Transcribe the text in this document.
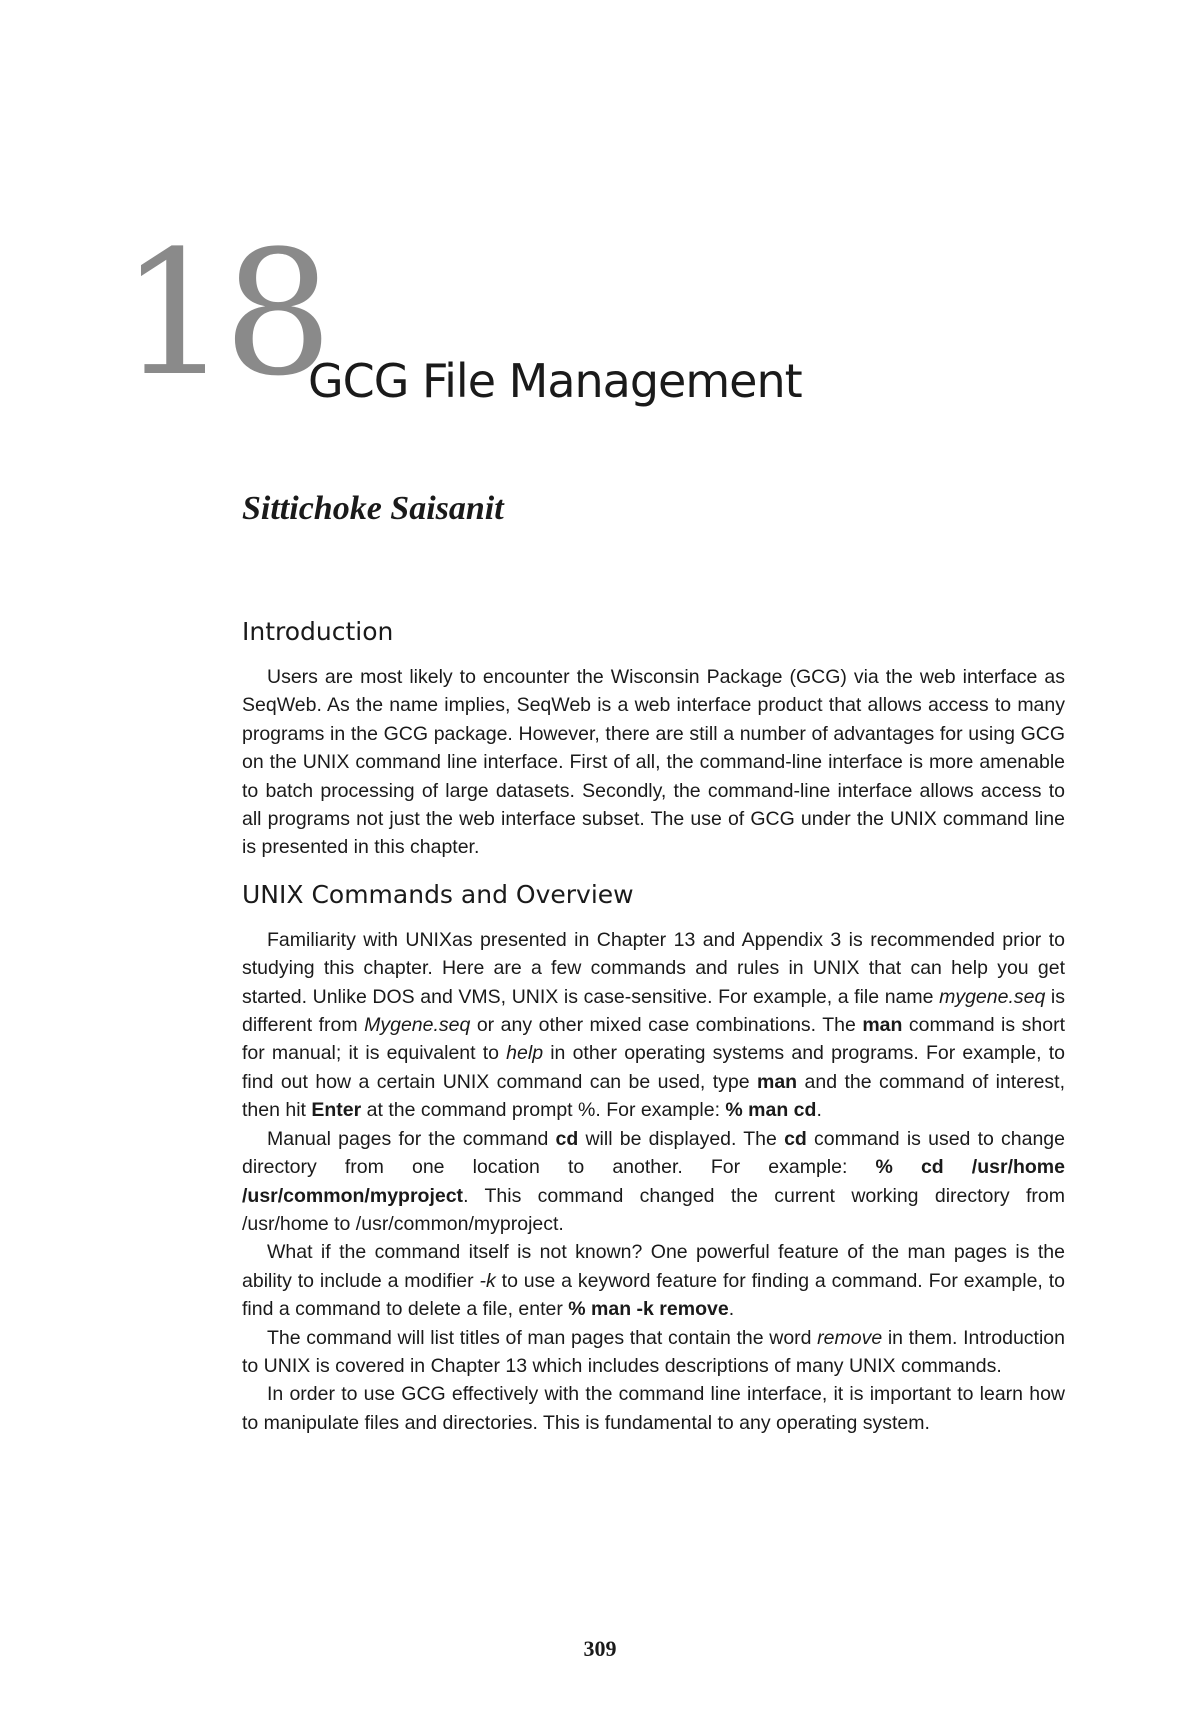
18
GCG File Management
Sittichoke Saisanit
Introduction

Users are most likely to encounter the Wisconsin Package (GCG) via the web interface as SeqWeb. As the name implies, SeqWeb is a web interface product that allows access to many programs in the GCG package. However, there are still a number of advantages for using GCG on the UNIX command line interface. First of all, the command-line interface is more amenable to batch processing of large datasets. Secondly, the command-line interface allows access to all programs not just the web interface subset. The use of GCG under the UNIX command line is presented in this chapter.

UNIX Commands and Overview

Familiarity with UNIXas presented in Chapter 13 and Appendix 3 is recommended prior to studying this chapter. Here are a few commands and rules in UNIX that can help you get started. Unlike DOS and VMS, UNIX is case-sensitive. For example, a file name mygene.seq is different from Mygene.seq or any other mixed case combinations. The man command is short for manual; it is equivalent to help in other operating systems and programs. For example, to find out how a certain UNIX command can be used, type man and the command of interest, then hit Enter at the command prompt %. For example: % man cd.

Manual pages for the command cd will be displayed. The cd command is used to change directory from one location to another. For example: % cd /usr/home /usr/common/myproject. This command changed the current working directory from /usr/home to /usr/common/myproject.

What if the command itself is not known? One powerful feature of the man pages is the ability to include a modifier -k to use a keyword feature for finding a command. For example, to find a command to delete a file, enter % man -k remove.

The command will list titles of man pages that contain the word remove in them. Introduction to UNIX is covered in Chapter 13 which includes descriptions of many UNIX commands.

In order to use GCG effectively with the command line interface, it is important to learn how to manipulate files and directories. This is fundamental to any operating system.

309
